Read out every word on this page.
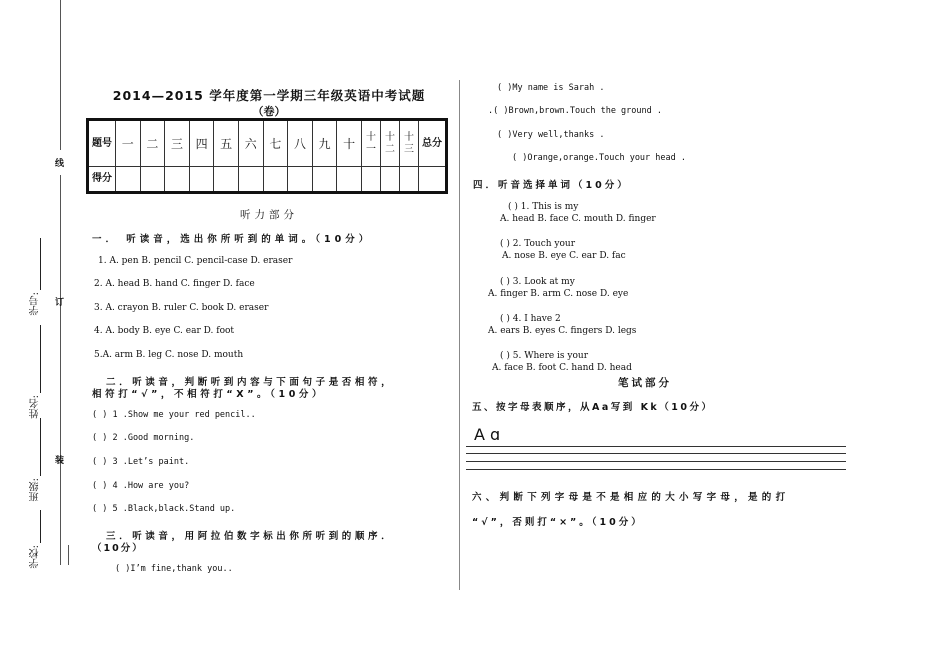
线
订
装
学号:
姓名:
班级:
学校:
2014—2015 学年度第一学期三年级英语中考试题
（卷）
题号	一	二	三	四	五	六	七	八	九	十	十一	十二	十三	总分
得分														
听力部分
一． 听读音，选出你所听到的单词。（10分）
1. A. pen B. pencil C. pencil-case D. eraser
2. A. head B. hand C. finger D. face
3. A. crayon B. ruler C. book D. eraser
4. A. body B. eye C. ear D. foot
5.A. arm B. leg C. nose D. mouth
二．听读音，判断听到内容与下面句子是否相符，
相符打“√”，不相符打“X”。（10分）
( ) 1 .Show me your red pencil..
( ) 2 .Good morning.
( ) 3 .Let’s paint.
( ) 4 .How are you?
( ) 5 .Black,black.Stand up.
三．听读音，用阿拉伯数字标出你所听到的顺序．
（10分）
( )I’m fine,thank you..
( )My name is Sarah .
.( )Brown,brown.Touch the ground .
( )Very well,thanks .
( )Orange,orange.Touch your head .
四．听音选择单词（10分）
( ) 1. This is my
A. head B. face C. mouth D. finger
( ) 2. Touch your
A. nose B. eye C. ear D. fac
( ) 3. Look at my
A. finger B. arm C. nose D. eye
( ) 4. I have 2
A. ears B. eyes C. fingers D. legs
( ) 5. Where is your
A. face B. foot C. hand D. head
笔试部分
五、按字母表顺序，从Aa写到 Kk（10分）
A ɑ
六、判断下列字母是不是相应的大小写字母，是的打
“√”，否则打“×”。（10分）
